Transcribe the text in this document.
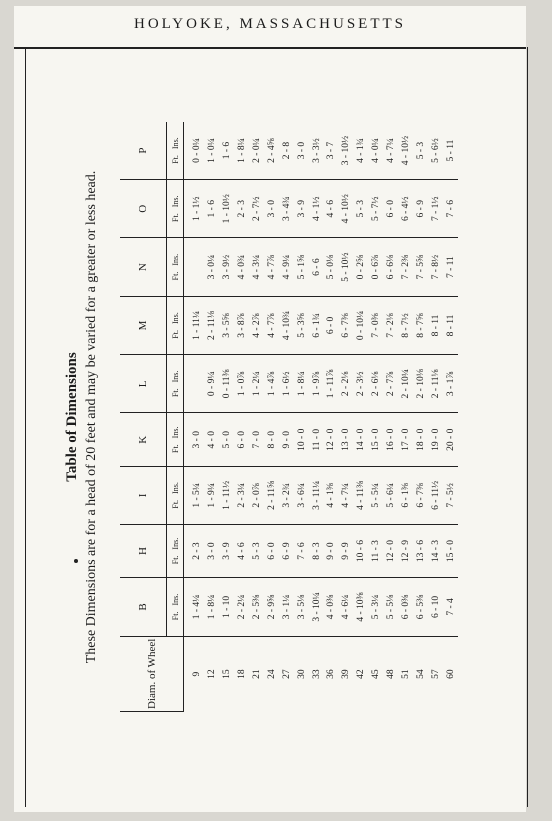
HOLYOKE, MASSACHUSETTS
Table of Dimensions These Dimensions are for a head of 20 feet and may be varied for a greater or less head.
Diam. of Wheel	B	H	I	K	L	M	N	O	P
	Ft.   Ins.	Ft.   Ins.	Ft.   Ins.	Ft.   Ins.	Ft.   Ins.	Ft.   Ins.	Ft.   Ins.	Ft.   Ins.	Ft.   Ins.
9	1 - 4¼	2 - 3	1 - 5¼	3 - 0		1 - 11¼		1 - 1½	0 - 0¼
12	1 - 8¼	3 - 0	1 - 9¼	4 - 0	0 - 9¼	2 - 11⅛	3 - 0¼	1 - 6	1 - 0¼
15	1 - 10	3 - 9	1 - 11½	5 - 0	0 - 11⅜	3 - 5⅝	3 - 9½	1 - 10½	1 - 6
18	2 - 2¼	4 - 6	2 - 3¼	6 - 0	1 - 0⅞	3 - 8⅞	4 - 0¾	2 - 3	1 - 8¼
21	2 - 5⅜	5 - 3	2 - 0⅞	7 - 0	1 - 2¼	4 - 2⅞	4 - 3¼	2 - 7½	2 - 0¼
24	2 - 9⅝	6 - 0	2 - 11⅝	8 - 0	1 - 4⅞	4 - 7⅞	4 - 7⅞	3 - 0	2 - 4⅝
27	3 - 1¼	6 - 9	3 - 2¾	9 - 0	1 - 6½	4 - 10¾	4 - 9¼	3 - 4¾	2 - 8
30	3 - 5⅛	7 - 6	3 - 6¼	10 - 0	1 - 8¼	5 - 3⅝	5 - 1⅝	3 - 9	3 - 0
33	3 - 10¼	8 - 3	3 - 11¼	11 - 0	1 - 9⅞	6 - 1¾	6 - 6	4 - 1½	3 - 3½
36	4 - 0⅜	9 - 0	4 - 1⅜	12 - 0	1 - 11⅞	6 - 0	5 - 0⅛	4 - 6	3 - 7
39	4 - 6¼	9 - 9	4 - 7¼	13 - 0	2 - 2⅛	6 - 7⅜	5 - 10½	4 - 10½	3 - 10½
42	4 - 10⅜	10 - 6	4 - 11⅜	14 - 0	2 - 3½	0 - 10¼	0 - 2⅝	5 - 3	4 - 1¾
45	5 - 3¼	11 - 3	5 - 5¼	15 - 0	2 - 6⅛	7 - 0⅜	0 - 6⅞	5 - 7½	4 - 0¼
48	5 - 5⅛	12 - 0	5 - 6¼	16 - 0	2 - 7⅞	7 - 2⅛	6 - 6⅛	6 - 0	4 - 7¼
51	6 - 0⅜	12 - 9	6 - 1⅜	17 - 0	2 - 10¼	8 - 7½	7 - 2⅜	6 - 4½	4 - 10½
54	6 - 5⅜	13 - 6	6 - 7⅜	18 - 0	2 - 10⅛	8 - 7⅝	7 - 5⅝	6 - 9	5 - 3
57	6 - 10	14 - 3	6 - 11½	19 - 0	2 - 11⅛	8 - 11	7 - 8½	7 - 1½	5 - 6½
60	7 - 4	15 - 0	7 - 5½	20 - 0	3 - 1⅞	8 - 11	7 - 11	7 - 6	5 - 11
